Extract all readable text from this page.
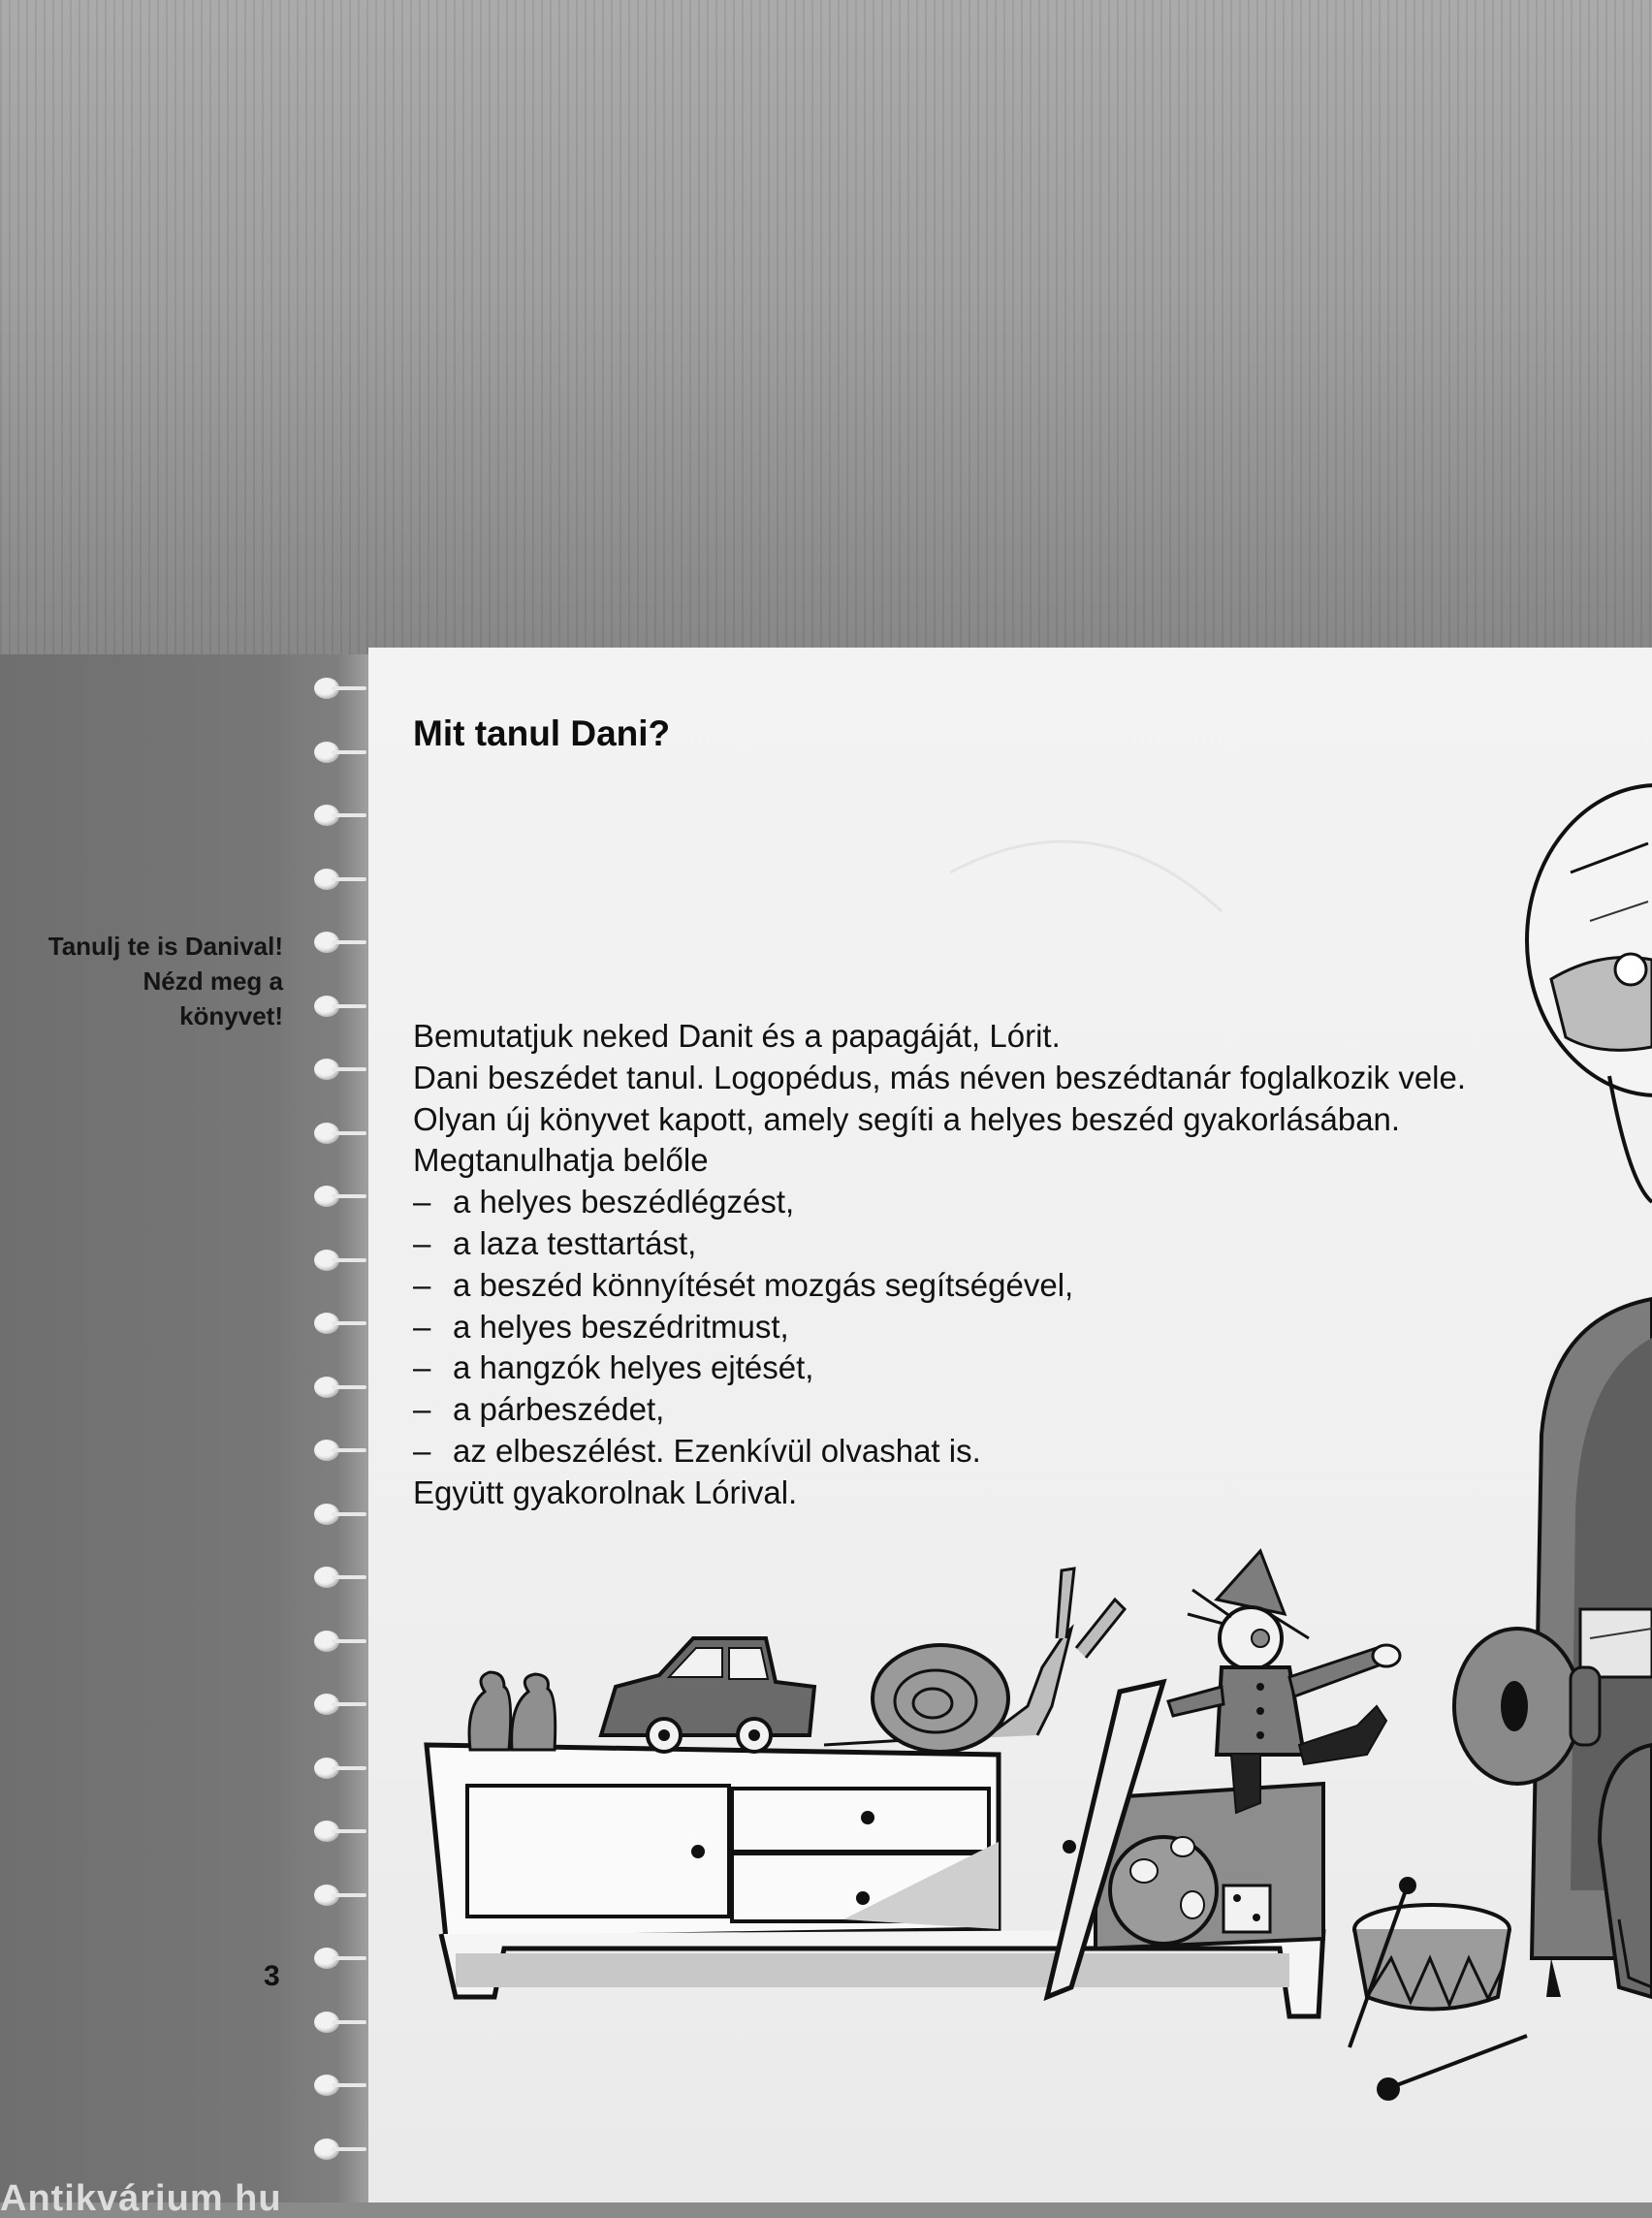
Tanulj te is Danival!
Nézd meg a
könyvet!
3
Antikvárium hu
Mit tanul Dani?
Bemutatjuk neked Danit és a papagáját, Lórit.
Dani beszédet tanul. Logopédus, más néven beszédtanár foglalkozik vele.
Olyan új könyvet kapott, amely segíti a helyes beszéd gyakorlásában.
Megtanulhatja belőle
– a helyes beszédlégzést,
– a laza testtartást,
– a beszéd könnyítését mozgás segítségével,
– a helyes beszédritmust,
– a hangzók helyes ejtését,
– a párbeszédet,
– az elbeszélést. Ezenkívül olvashat is.
Együtt gyakorolnak Lórival.
